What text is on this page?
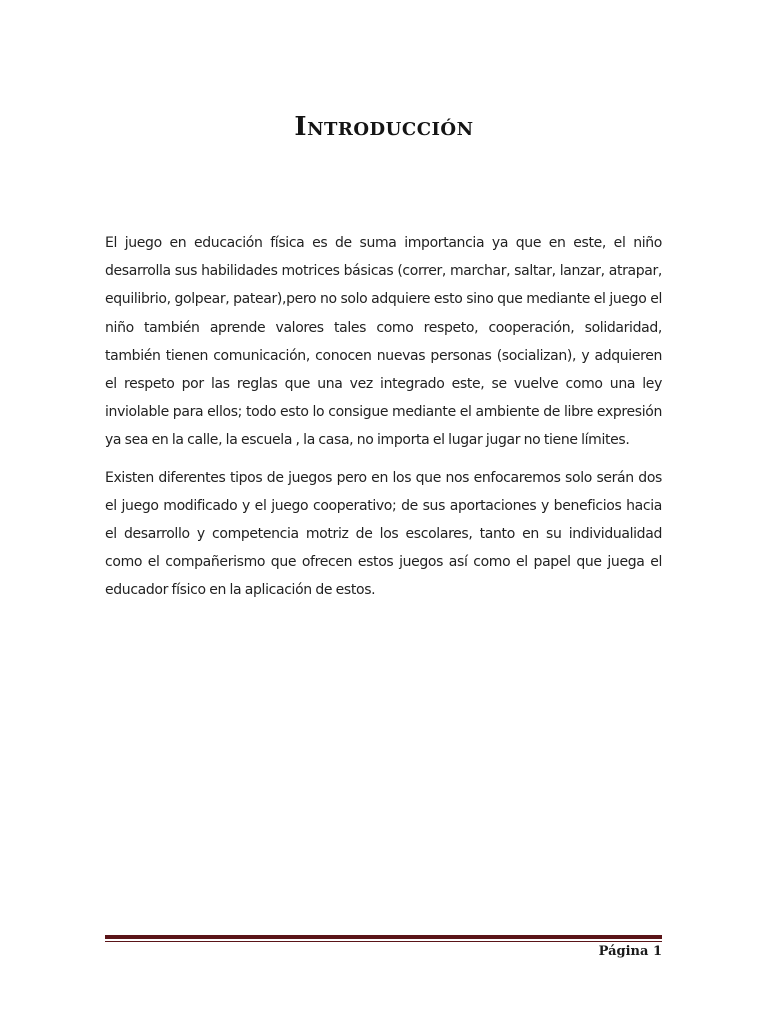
Introducción

El juego en educación física es de suma importancia ya que en este, el niño desarrolla sus habilidades motrices básicas (correr, marchar, saltar, lanzar, atrapar, equilibrio, golpear, patear),pero no solo adquiere esto sino que mediante el juego el niño también aprende valores tales como respeto, cooperación, solidaridad, también tienen comunicación, conocen nuevas personas (socializan), y adquieren el respeto por las reglas que una vez integrado este, se vuelve como una ley inviolable para ellos; todo esto lo consigue mediante el ambiente de libre expresión ya sea en la calle, la escuela , la casa, no importa el lugar jugar no tiene límites.

Existen diferentes tipos de juegos pero en los que nos enfocaremos solo serán dos el juego modificado y el juego cooperativo; de sus aportaciones y beneficios hacia el desarrollo y competencia motriz de los escolares, tanto en su individualidad como el compañerismo que ofrecen estos juegos así como el papel que juega el educador físico en la aplicación de estos.

Página 1
